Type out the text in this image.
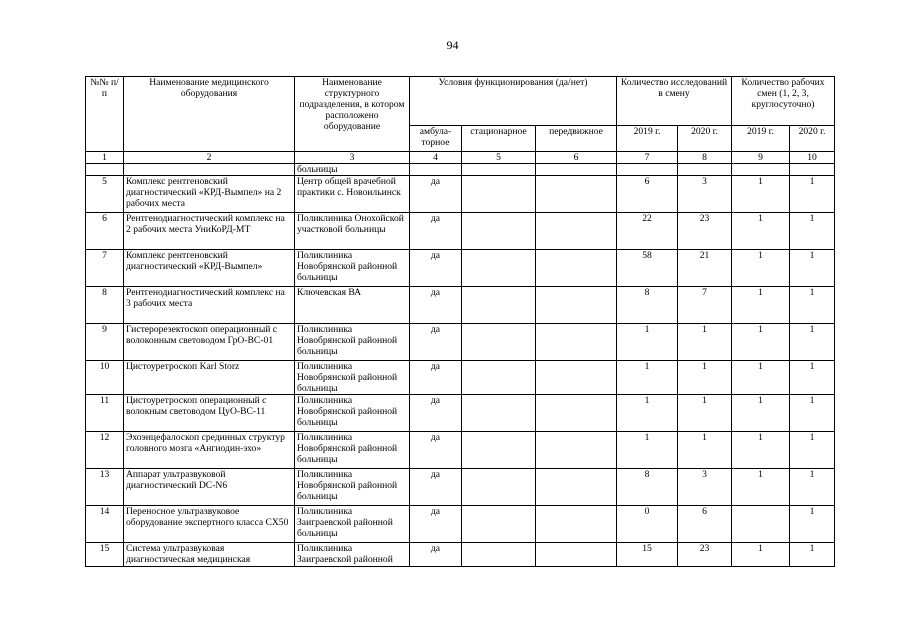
94
№№ п/п	Наименование медицинского оборудования	Наименование структурного подразделения, в котором расположено оборудование	Условия функционирования (да/нет)			Количество исследований в смену		Количество рабочих смен (1, 2, 3, круглосуточно)	
			амбула-торное	стационарное	передвижное	2019 г.	2020 г.	2019 г.	2020 г.
1	2	3	4	5	6	7	8	9	10
		больницы							
5	Комплекс рентгеновский диагностический «КРД-Вымпел» на 2 рабочих места	Центр общей врачебной практики с. Новоильинск	да			6	3	1	1
6	Рентгенодиагностический комплекс на 2 рабочих места УниКоРД-МТ	Поликлиника Онохойской участковой больницы	да			22	23	1	1
7	Комплекс рентгеновский диагностический «КРД-Вымпел»	Поликлиника Новобрянской районной больницы	да			58	21	1	1
8	Рентгенодиагностический комплекс на 3 рабочих места	Ключевская ВА	да			8	7	1	1
9	Гистерорезектоскоп операционный с волоконным световодом ГрО-ВС-01	Поликлиника Новобрянской районной больницы	да			1	1	1	1
10	Цистоуретроскоп Karl Storz	Поликлиника Новобрянской районной больницы	да			1	1	1	1
11	Цистоуретроскоп операционный с волокным световодом ЦуО-ВС-11	Поликлиника Новобрянской районной больницы	да			1	1	1	1
12	Эхоэнцефалоскоп срединных структур головного мозга «Ангиодин-эхо»	Поликлиника Новобрянской районной больницы	да			1	1	1	1
13	Аппарат ультразвуковой диагностический DC-N6	Поликлиника Новобрянской районной больницы	да			8	3	1	1
14	Переносное ультразвуковое оборудование экспертного класса CX50	Поликлиника Заиграевской районной больницы	да			0	6		1
15	Система ультразвуковая диагностическая медицинская	Поликлиника Заиграевской районной	да			15	23	1	1
